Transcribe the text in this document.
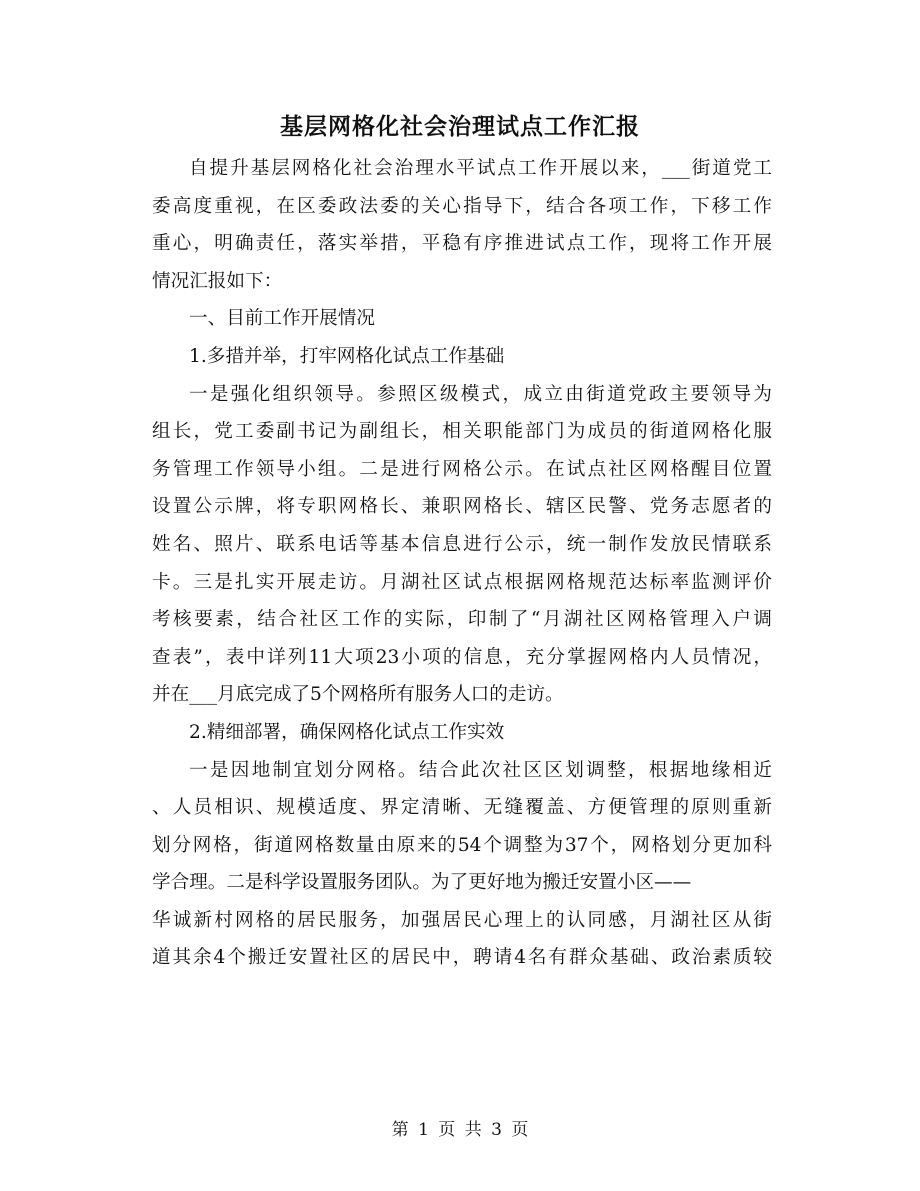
基层网格化社会治理试点工作汇报
自提升基层网格化社会治理水平试点工作开展以来，___街道党工
委高度重视，在区委政法委的关心指导下，结合各项工作，下移工作
重心，明确责任，落实举措，平稳有序推进试点工作，现将工作开展
情况汇报如下：
一、目前工作开展情况
1.多措并举，打牢网格化试点工作基础
一是强化组织领导。参照区级模式，成立由街道党政主要领导为
组长，党工委副书记为副组长，相关职能部门为成员的街道网格化服
务管理工作领导小组。二是进行网格公示。在试点社区网格醒目位置
设置公示牌，将专职网格长、兼职网格长、辖区民警、党务志愿者的
姓名、照片、联系电话等基本信息进行公示，统一制作发放民情联系
卡。三是扎实开展走访。月湖社区试点根据网格规范达标率监测评价
考核要素，结合社区工作的实际，印制了“月湖社区网格管理入户调
查表”，表中详列11大项23小项的信息，充分掌握网格内人员情况，
并在___月底完成了5个网格所有服务人口的走访。
2.精细部署，确保网格化试点工作实效
一是因地制宜划分网格。结合此次社区区划调整，根据地缘相近
、人员相识、规模适度、界定清晰、无缝覆盖、方便管理的原则重新
划分网格，街道网格数量由原来的54个调整为37个，网格划分更加科
学合理。二是科学设置服务团队。为了更好地为搬迁安置小区——
华诚新村网格的居民服务，加强居民心理上的认同感，月湖社区从街
道其余4个搬迁安置社区的居民中，聘请4名有群众基础、政治素质较
第 1 页 共 3 页
